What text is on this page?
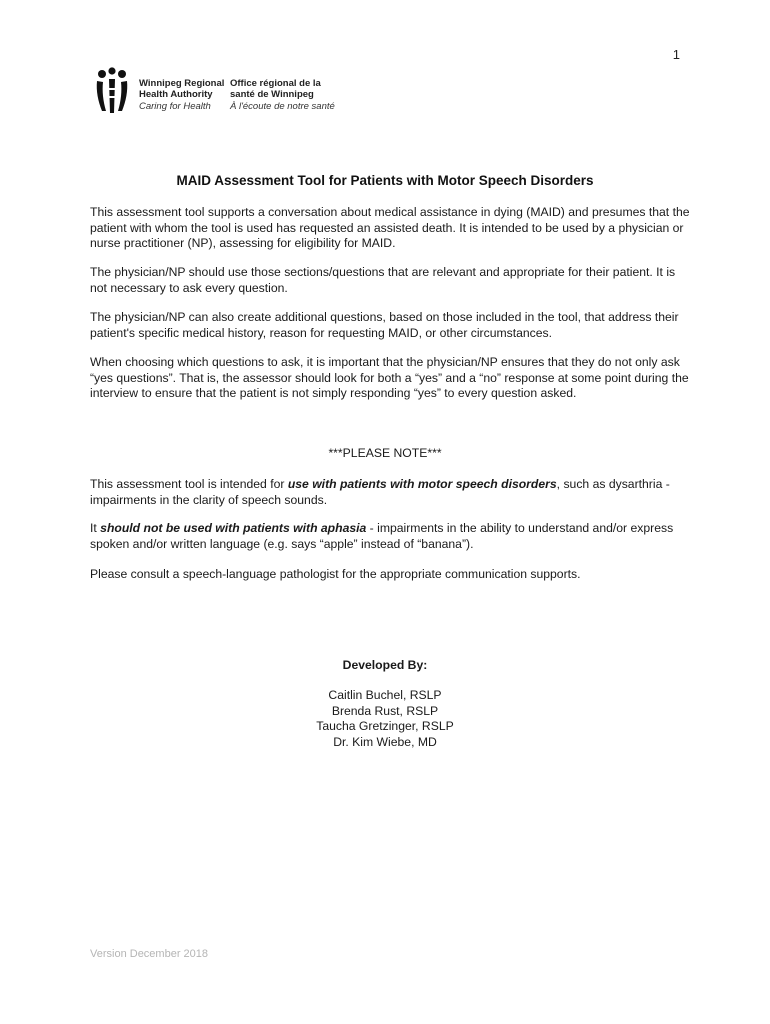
1
Winnipeg Regional
Health Authority
Caring for Health
Office régional de la
santé de Winnipeg
À l'écoute de notre santé
MAID Assessment Tool for Patients with Motor Speech Disorders
This assessment tool supports a conversation about medical assistance in dying (MAID) and presumes that the patient with whom the tool is used has requested an assisted death. It is intended to be used by a physician or nurse practitioner (NP), assessing for eligibility for MAID.
The physician/NP should use those sections/questions that are relevant and appropriate for their patient. It is not necessary to ask every question.
The physician/NP can also create additional questions, based on those included in the tool, that address their patient's specific medical history, reason for requesting MAID, or other circumstances.
When choosing which questions to ask, it is important that the physician/NP ensures that they do not only ask “yes questions”. That is, the assessor should look for both a “yes” and a “no” response at some point during the interview to ensure that the patient is not simply responding “yes” to every question asked.
***PLEASE NOTE***
This assessment tool is intended for use with patients with motor speech disorders, such as dysarthria - impairments in the clarity of speech sounds.
It should not be used with patients with aphasia - impairments in the ability to understand and/or express spoken and/or written language (e.g. says “apple” instead of “banana”).
Please consult a speech-language pathologist for the appropriate communication supports.
Developed By:
Caitlin Buchel, RSLP
Brenda Rust, RSLP
Taucha Gretzinger, RSLP
Dr. Kim Wiebe, MD
Version December 2018
